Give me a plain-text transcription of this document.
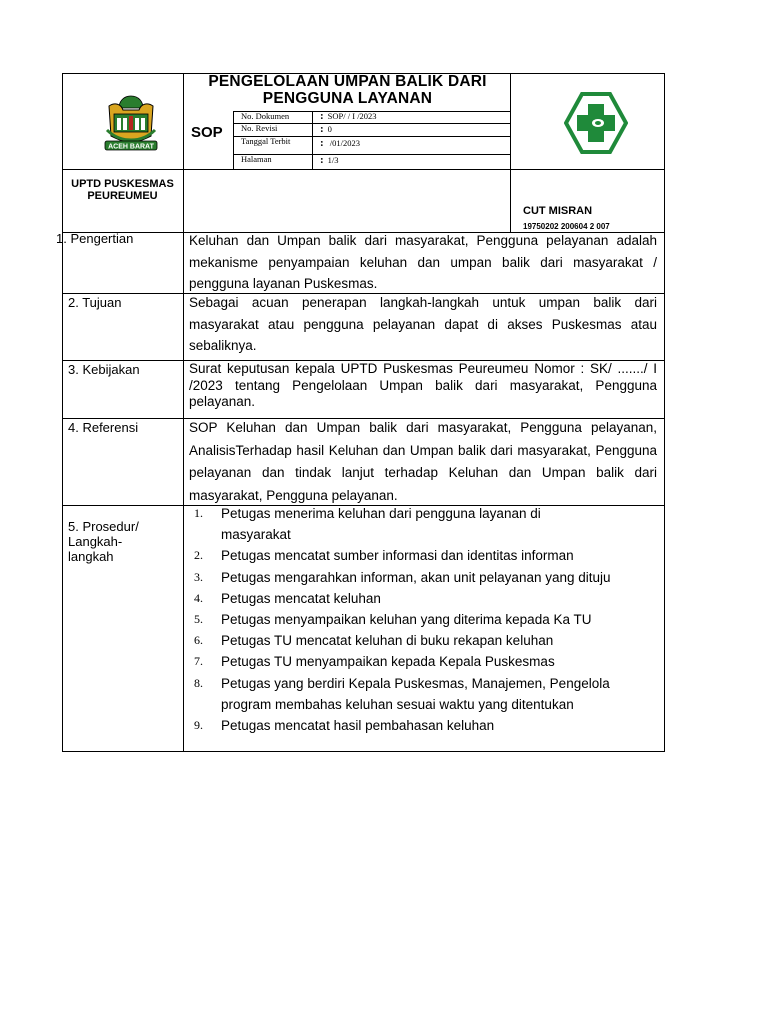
ACEH BARAT
PENGELOLAAN UMPAN BALIK DARI PENGGUNA LAYANAN
SOP
No. Dokumen	: SOP/ / I /2023
No. Revisi	: 0
Tanggal Terbit	: /01/2023
Halaman	: 1/3
UPTD PUSKESMAS PEUREUMEU
CUT MISRAN
19750202 200604 2 007
1. Pengertian	Keluhan dan Umpan balik dari masyarakat, Pengguna pelayanan adalah mekanisme penyampaian keluhan dan umpan balik dari masyarakat / pengguna layanan Puskesmas.
2. Tujuan	Sebagai acuan penerapan langkah-langkah untuk umpan balik dari masyarakat atau pengguna pelayanan dapat di akses Puskesmas atau sebaliknya.
3. Kebijakan	Surat keputusan kepala UPTD Puskesmas Peureumeu Nomor : SK/ ......./ I /2023 tentang Pengelolaan Umpan balik dari masyarakat, Pengguna pelayanan.
4. Referensi	SOP Keluhan dan Umpan balik dari masyarakat, Pengguna pelayanan, AnalisisTerhadap hasil Keluhan dan Umpan balik dari masyarakat, Pengguna pelayanan dan tindak lanjut terhadap Keluhan dan Umpan balik dari masyarakat, Pengguna pelayanan.
5. Prosedur/ Langkah- langkah
1. Petugas menerima keluhan dari pengguna layanan di masyarakat
2. Petugas mencatat sumber informasi dan identitas informan
3. Petugas mengarahkan informan, akan unit pelayanan yang dituju
4. Petugas mencatat keluhan
5. Petugas menyampaikan keluhan yang diterima kepada Ka TU
6. Petugas TU mencatat keluhan di buku rekapan keluhan
7. Petugas TU menyampaikan kepada Kepala Puskesmas
8. Petugas yang berdiri Kepala Puskesmas, Manajemen, Pengelola program membahas keluhan sesuai waktu yang ditentukan
9. Petugas mencatat hasil pembahasan keluhan
